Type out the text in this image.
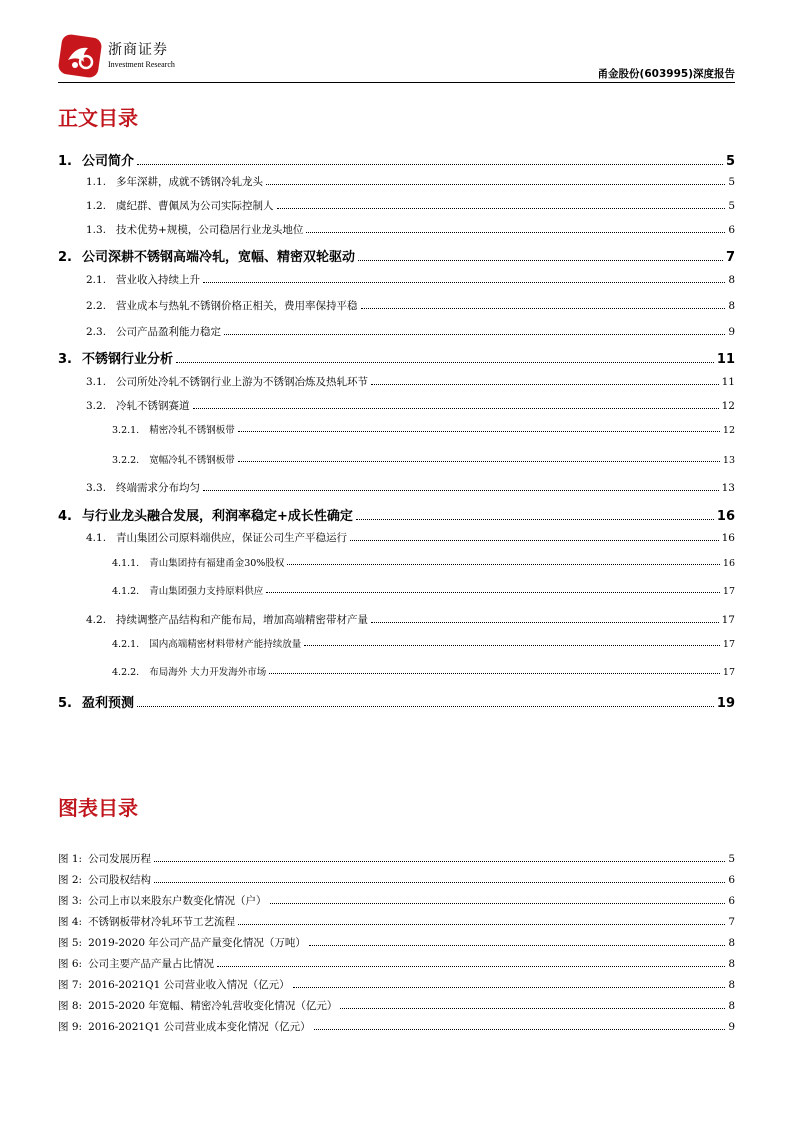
浙商证券
Investment Research
甬金股份(603995)深度报告
正文目录
1. 公司简介	5
1.1. 多年深耕，成就不锈钢冷轧龙头	5
1.2. 虞纪群、曹佩凤为公司实际控制人	5
1.3. 技术优势+规模，公司稳居行业龙头地位	6
2. 公司深耕不锈钢高端冷轧，宽幅、精密双轮驱动	7
2.1. 营业收入持续上升	8
2.2. 营业成本与热轧不锈钢价格正相关，费用率保持平稳	8
2.3. 公司产品盈利能力稳定	9
3. 不锈钢行业分析	11
3.1. 公司所处冷轧不锈钢行业上游为不锈钢冶炼及热轧环节	11
3.2. 冷轧不锈钢赛道	12
3.2.1. 精密冷轧不锈钢板带	12
3.2.2. 宽幅冷轧不锈钢板带	13
3.3. 终端需求分布均匀	13
4. 与行业龙头融合发展，利润率稳定+成长性确定	16
4.1. 青山集团公司原料端供应，保证公司生产平稳运行	16
4.1.1. 青山集团持有福建甬金30%股权	16
4.1.2. 青山集团强力支持原料供应	17
4.2. 持续调整产品结构和产能布局，增加高端精密带材产量	17
4.2.1. 国内高端精密材料带材产能持续放量	17
4.2.2. 布局海外 大力开发海外市场	17
5. 盈利预测	19
图表目录
图 1: 公司发展历程	5
图 2: 公司股权结构	6
图 3: 公司上市以来股东户数变化情况（户）	6
图 4: 不锈钢板带材冷轧环节工艺流程	7
图 5: 2019-2020 年公司产品产量变化情况（万吨）	8
图 6: 公司主要产品产量占比情况	8
图 7: 2016-2021Q1 公司营业收入情况（亿元）	8
图 8: 2015-2020 年宽幅、精密冷轧营收变化情况（亿元）	8
图 9: 2016-2021Q1 公司营业成本变化情况（亿元）	9
